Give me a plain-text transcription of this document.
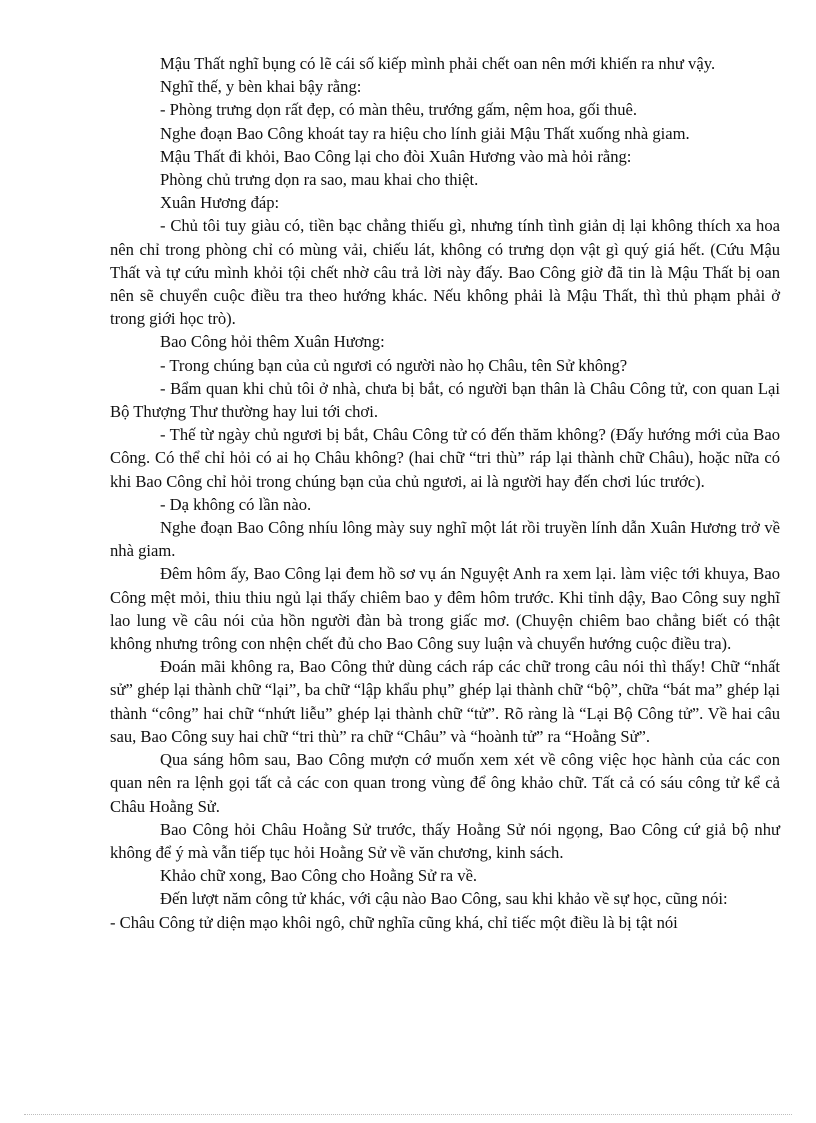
Mậu Thất nghĩ bụng có lẽ cái số kiếp mình phải chết oan nên mới khiến ra như vậy.

Nghĩ thế, y bèn khai bậy rằng:

- Phòng trưng dọn rất đẹp, có màn thêu, trướng gấm, nệm hoa, gối thuê.

Nghe đoạn Bao Công khoát tay ra hiệu cho lính giải Mậu Thất xuống nhà giam.

Mậu Thất đi khỏi, Bao Công lại cho đòi Xuân Hương vào mà hỏi rằng:

Phòng chủ trưng dọn ra sao, mau khai cho thiệt.

Xuân Hương đáp:

- Chủ tôi tuy giàu có, tiền bạc chẳng thiếu gì, nhưng tính tình giản dị lại không thích xa hoa nên chỉ trong phòng chỉ có mùng vải, chiếu lát, không có trưng dọn vật gì quý giá hết. (Cứu Mậu Thất và tự cứu mình khỏi tội chết nhờ câu trả lời này đấy. Bao Công giờ đã tin là Mậu Thất bị oan nên sẽ chuyển cuộc điều tra theo hướng khác. Nếu không phải là Mậu Thất, thì thủ phạm phải ở trong giới học trò).

Bao Công hỏi thêm Xuân Hương:

- Trong chúng bạn của củ ngươi có người nào họ Châu, tên Sử không?

- Bẩm quan khi chủ tôi ở nhà, chưa bị bắt, có người bạn thân là Châu Công tử, con quan Lại Bộ Thượng Thư thường hay lui tới chơi.

- Thế từ ngày chủ ngươi bị bắt, Châu Công tử có đến thăm không? (Đấy hướng mới của Bao Công. Có thể chỉ hỏi có ai họ Châu không? (hai chữ “tri thù” ráp lại thành chữ Châu), hoặc nữa có khi Bao Công chỉ hỏi trong chúng bạn của chủ ngươi, ai là người hay đến chơi lúc trước).

- Dạ không có lần nào.

Nghe đoạn Bao Công nhíu lông mày suy nghĩ một lát rồi truyền lính dẫn Xuân Hương trở về nhà giam.

Đêm hôm ấy, Bao Công lại đem hồ sơ vụ án Nguyệt Anh ra xem lại. làm việc tới khuya, Bao Công mệt mỏi, thiu thiu ngủ lại thấy chiêm bao y đêm hôm trước. Khi tỉnh dậy, Bao Công suy nghĩ lao lung về câu nói của hồn người đàn bà trong giấc mơ. (Chuyện chiêm bao chẳng biết có thật không nhưng trông con nhện chết đủ cho Bao Công suy luận và chuyển hướng cuộc điều tra).

Đoán mãi không ra, Bao Công thử dùng cách ráp các chữ trong câu nói thì thấy! Chữ “nhất sử” ghép lại thành chữ “lại”, ba chữ “lập khẩu phụ” ghép lại thành chữ “bộ”, chữa “bát ma” ghép lại thành “công” hai chữ “nhứt liễu” ghép lại thành chữ “tử”. Rõ ràng là “Lại Bộ Công tử”. Về hai câu sau, Bao Công suy hai chữ “tri thù” ra chữ “Châu” và “hoành tử” ra “Hoằng Sử”.

Qua sáng hôm sau, Bao Công mượn cớ muốn xem xét về công việc học hành của các con quan nên ra lệnh gọi tất cả các con quan trong vùng để ông khảo chữ. Tất cả có sáu công tử kể cả Châu Hoằng Sử.

Bao Công hỏi Châu Hoằng Sử trước, thấy Hoằng Sử nói ngọng, Bao Công cứ giả bộ như không để ý mà vẫn tiếp tục hỏi Hoằng Sử về văn chương, kinh sách.

Khảo chữ xong, Bao Công cho Hoằng Sử ra về.

Đến lượt năm công tử khác, với cậu nào Bao Công, sau khi khảo về sự học, cũng nói:

- Châu Công tử diện mạo khôi ngô, chữ nghĩa cũng khá, chỉ tiếc một điều là bị tật nói
